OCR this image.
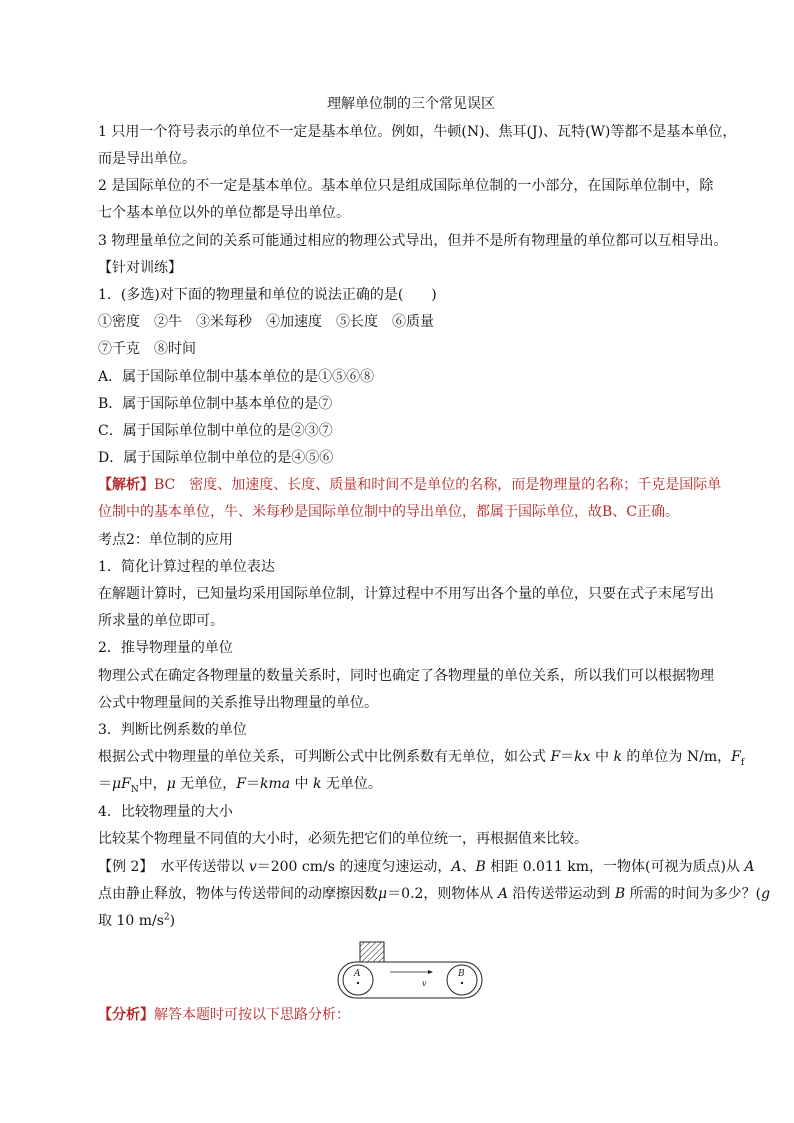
理解单位制的三个常见误区
1 只用一个符号表示的单位不一定是基本单位。例如，牛顿(N)、焦耳(J)、瓦特(W)等都不是基本单位，
而是导出单位。
2 是国际单位的不一定是基本单位。基本单位只是组成国际单位制的一小部分，在国际单位制中，除
七个基本单位以外的单位都是导出单位。
3 物理量单位之间的关系可能通过相应的物理公式导出，但并不是所有物理量的单位都可以互相导出。
【针对训练】
1．(多选)对下面的物理量和单位的说法正确的是(　　)
①密度　②牛　③米每秒　④加速度　⑤长度　⑥质量
⑦千克　⑧时间
A．属于国际单位制中基本单位的是①⑤⑥⑧
B．属于国际单位制中基本单位的是⑦
C．属于国际单位制中单位的是②③⑦
D．属于国际单位制中单位的是④⑤⑥
【解析】BC　密度、加速度、长度、质量和时间不是单位的名称，而是物理量的名称；千克是国际单
位制中的基本单位，牛、米每秒是国际单位制中的导出单位，都属于国际单位，故B、C正确。
考点2：单位制的应用
1．简化计算过程的单位表达
在解题计算时，已知量均采用国际单位制，计算过程中不用写出各个量的单位，只要在式子末尾写出
所求量的单位即可。
2．推导物理量的单位
物理公式在确定各物理量的数量关系时，同时也确定了各物理量的单位关系，所以我们可以根据物理
公式中物理量间的关系推导出物理量的单位。
3．判断比例系数的单位
根据公式中物理量的单位关系，可判断公式中比例系数有无单位，如公式 F＝kx 中 k 的单位为 N/m，$F_f$
$=\mu F_N$中，μ 无单位，F＝kma 中 k 无单位。
4．比较物理量的大小
比较某个物理量不同值的大小时，必须先把它们的单位统一，再根据值来比较。
【例 2】　水平传送带以 v＝200 cm/s 的速度匀速运动，A、B 相距 0.011 km，一物体(可视为质点)从 A
点由静止释放，物体与传送带间的动摩擦因数μ＝0.2，则物体从 A 沿传送带运动到 B 所需的时间为多少？(g
取 10 $m/s^2$)
A	B
v
【分析】解答本题时可按以下思路分析：
